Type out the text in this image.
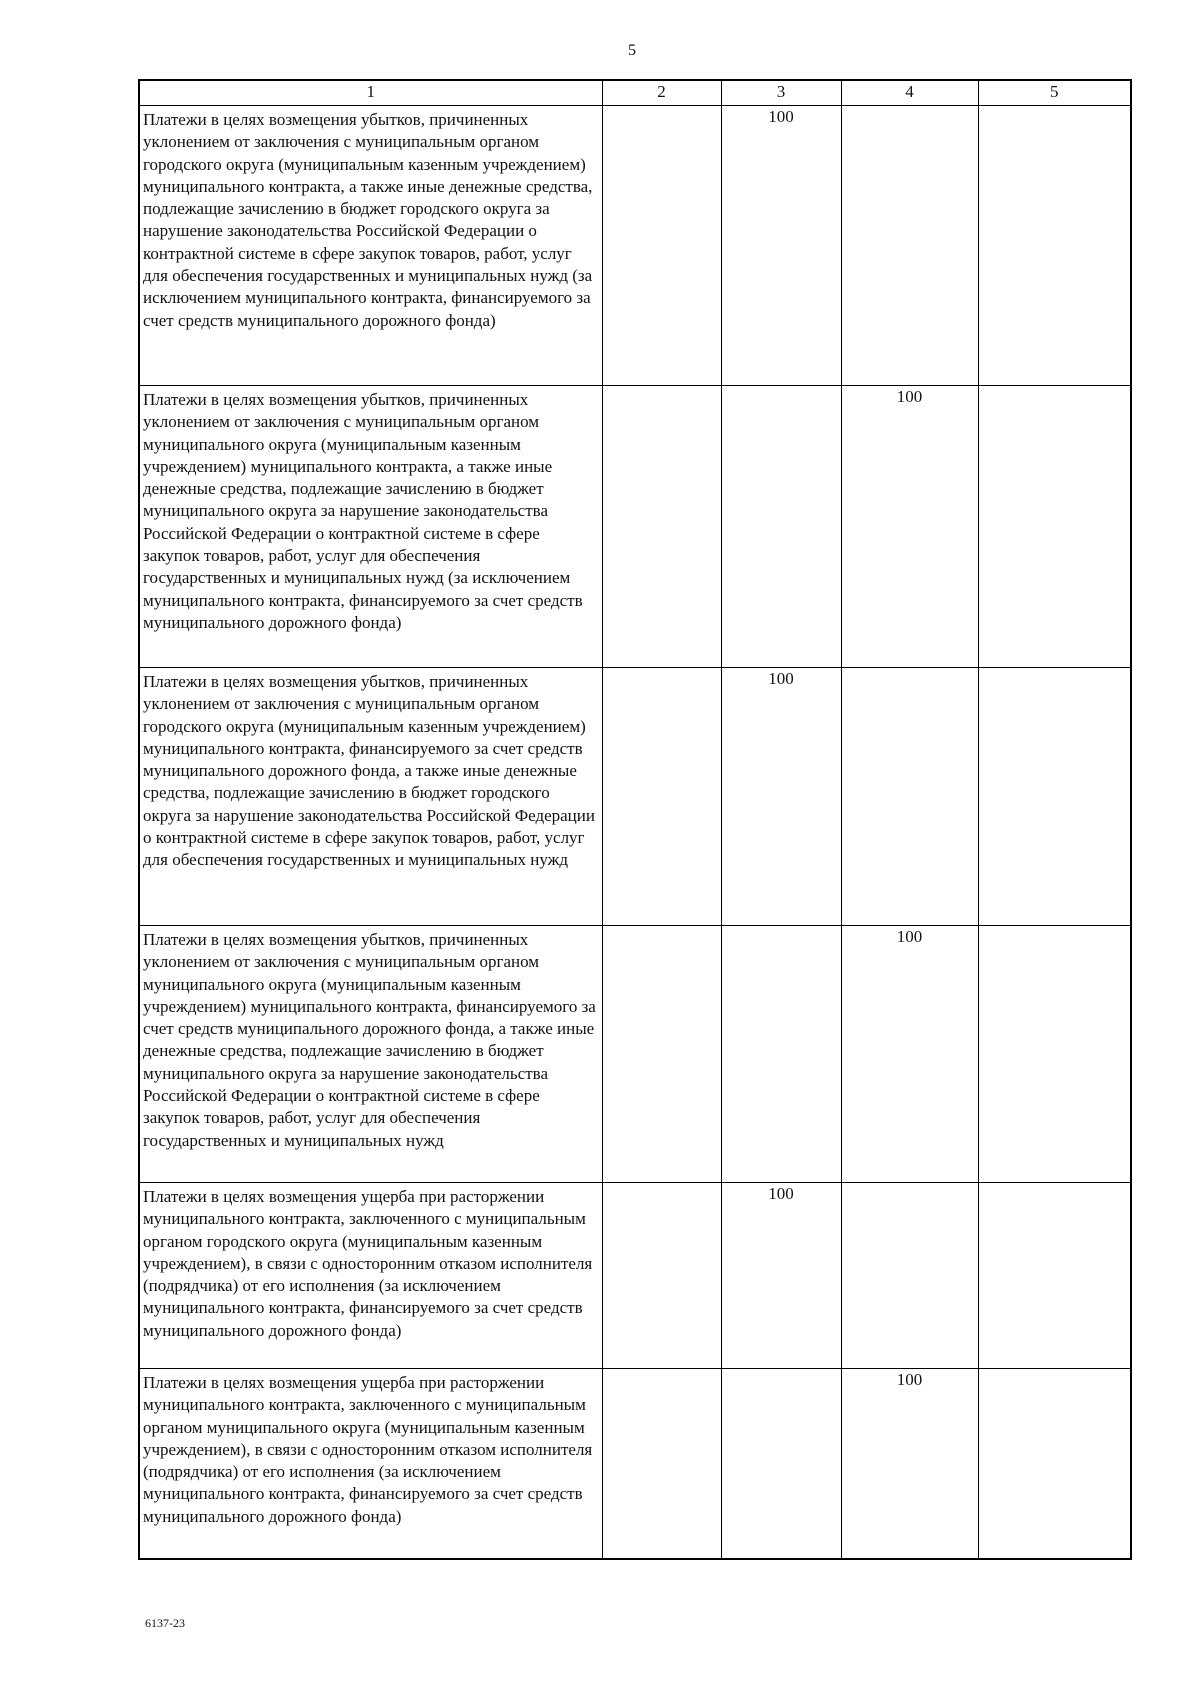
5
1	2	3	4	5
Платежи в целях возмещения убытков, причиненных уклонением от заключения с муниципальным органом городского округа (муниципальным казенным учреждением) муниципального контракта, а также иные денежные средства, подлежащие зачислению в бюджет городского округа за нарушение законодательства Российской Федерации о контрактной системе в сфере закупок товаров, работ, услуг для обеспечения государственных и муниципальных нужд (за исключением муниципального контракта, финансируемого за счет средств муниципального дорожного фонда)		100		
Платежи в целях возмещения убытков, причиненных уклонением от заключения с муниципальным органом муниципального округа (муниципальным казенным учреждением) муниципального контракта, а также иные денежные средства, подлежащие зачислению в бюджет муниципального округа за нарушение законодательства Российской Федерации о контрактной системе в сфере закупок товаров, работ, услуг для обеспечения государственных и муниципальных нужд (за исключением муниципального контракта, финансируемого за счет средств муниципального дорожного фонда)			100	
Платежи в целях возмещения убытков, причиненных уклонением от заключения с муниципальным органом городского округа (муниципальным казенным учреждением) муниципального контракта, финансируемого за счет средств муниципального дорожного фонда, а также иные денежные средства, подлежащие зачислению в бюджет городского округа за нарушение законодательства Российской Федерации о контрактной системе в сфере закупок товаров, работ, услуг для обеспечения государственных и муниципальных нужд		100		
Платежи в целях возмещения убытков, причиненных уклонением от заключения с муниципальным органом муниципального округа (муниципальным казенным учреждением) муниципального контракта, финансируемого за счет средств муниципального дорожного фонда, а также иные денежные средства, подлежащие зачислению в бюджет муниципального округа за нарушение законодательства Российской Федерации о контрактной системе в сфере закупок товаров, работ, услуг для обеспечения государственных и муниципальных нужд			100	
Платежи в целях возмещения ущерба при расторжении муниципального контракта, заключенного с муниципальным органом городского округа (муниципальным казенным учреждением), в связи с односторонним отказом исполнителя (подрядчика) от его исполнения (за исключением муниципального контракта, финансируемого за счет средств муниципального дорожного фонда)		100		
Платежи в целях возмещения ущерба при расторжении муниципального контракта, заключенного с муниципальным органом муниципального округа (муниципальным казенным учреждением), в связи с односторонним отказом исполнителя (подрядчика) от его исполнения (за исключением муниципального контракта, финансируемого за счет средств муниципального дорожного фонда)			100	
6137-23
